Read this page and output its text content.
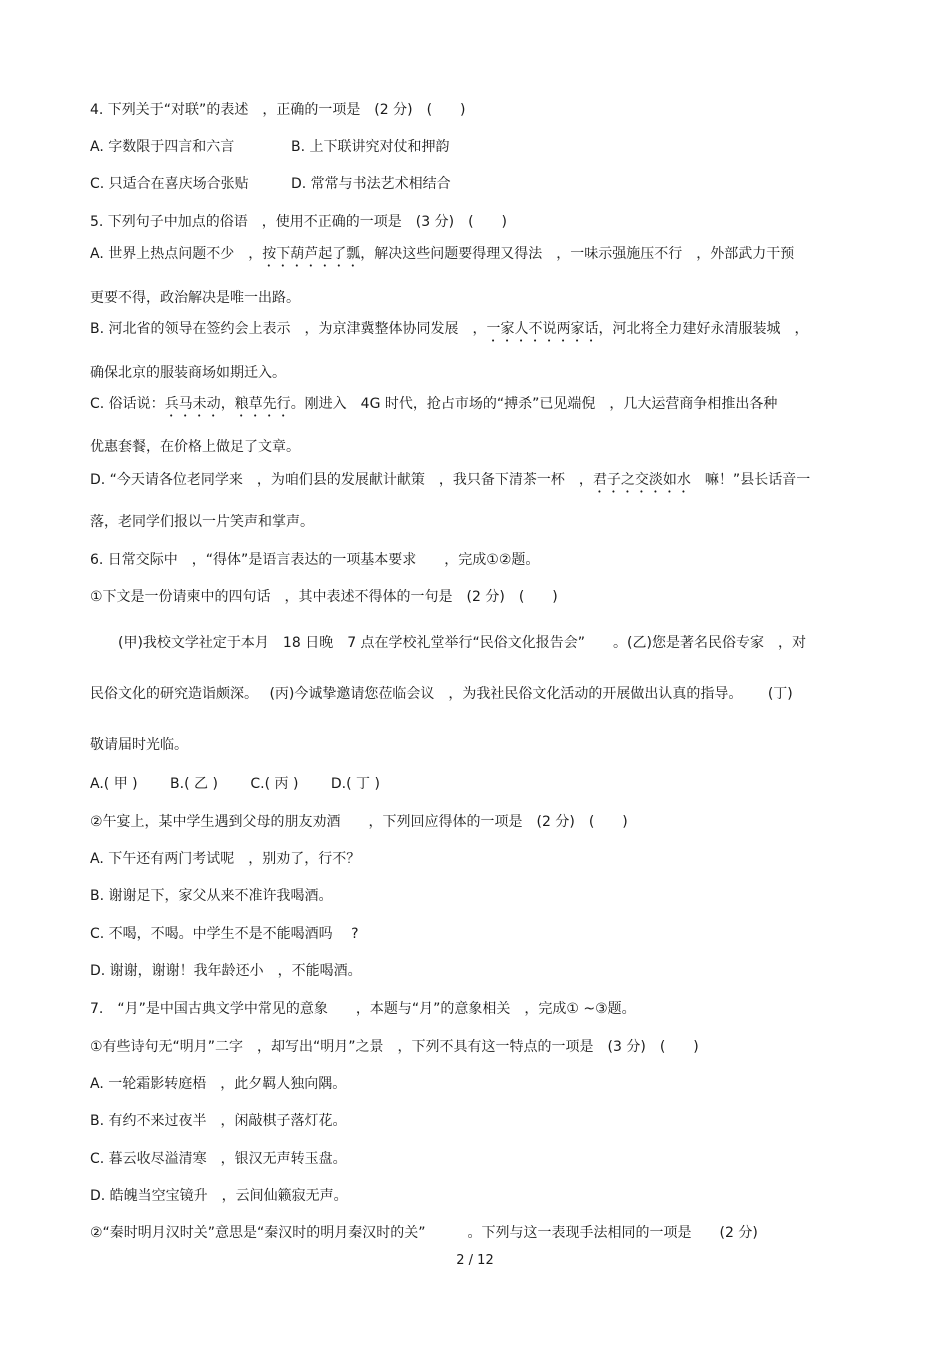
4. 下列关于“对联”的表述　，正确的一项是　(2 分)　(　　)
A. 字数限于四言和六言	B. 上下联讲究对仗和押韵
C. 只适合在喜庆场合张贴	D. 常常与书法艺术相结合
5. 下列句子中加点的俗语　，使用不正确的一项是　(3 分)　(　　)
A. 世界上热点问题不少　，按下葫芦起了瓢，解决这些问题要得理又得法　，一味示强施压不行　，外部武力干预
更要不得，政治解决是唯一出路。
B. 河北省的领导在签约会上表示　，为京津冀整体协同发展　，一家人不说两家话，河北将全力建好永清服装城　，
确保北京的服装商场如期迁入。
C. 俗话说：兵马未动，粮草先行。刚进入　4G 时代，抢占市场的“搏杀”已见端倪　，几大运营商争相推出各种
优惠套餐，在价格上做足了文章。
D. “今天请各位老同学来　，为咱们县的发展献计献策　，我只备下清茶一杯　，君子之交淡如水　嘛！”县长话音一
落，老同学们报以一片笑声和掌声。
6. 日常交际中　，“得体”是语言表达的一项基本要求　　，完成①②题。
①下文是一份请柬中的四句话　，其中表述不得体的一句是　(2 分)　(　　)
　　(甲)我校文学社定于本月　18 日晚　7 点在学校礼堂举行“民俗文化报告会”　　。(乙)您是著名民俗专家　，对
民俗文化的研究造诣颇深。　 (丙)今诚挚邀请您莅临会议　，为我社民俗文化活动的开展做出认真的指导。　　 (丁)
敬请届时光临。
A.( 甲 )　　 B.( 乙 )　　 C.( 丙 )　　 D.( 丁 )
②午宴上，某中学生遇到父母的朋友劝酒　　，下列回应得体的一项是　(2 分)　(　　)
A. 下午还有两门考试呢　，别劝了，行不？
B. 谢谢足下，家父从来不准许我喝酒。
C. 不喝，不喝。中学生不是不能喝酒吗　 ?
D. 谢谢，谢谢！我年龄还小　，不能喝酒。
7.　“月”是中国古典文学中常见的意象　　，本题与“月”的意象相关　，完成① ~③题。
①有些诗句无“明月”二字　，却写出“明月”之景　，下列不具有这一特点的一项是　(3 分)　(　　)
A. 一轮霜影转庭梧　，此夕羁人独向隅。
B. 有约不来过夜半　，闲敲棋子落灯花。
C. 暮云收尽溢清寒　，银汉无声转玉盘。
D. 皓魄当空宝镜升　，云间仙籁寂无声。
②“秦时明月汉时关”意思是“秦汉时的明月秦汉时的关”　　　。下列与这一表现手法相同的一项是　　(2 分)
2 / 12
